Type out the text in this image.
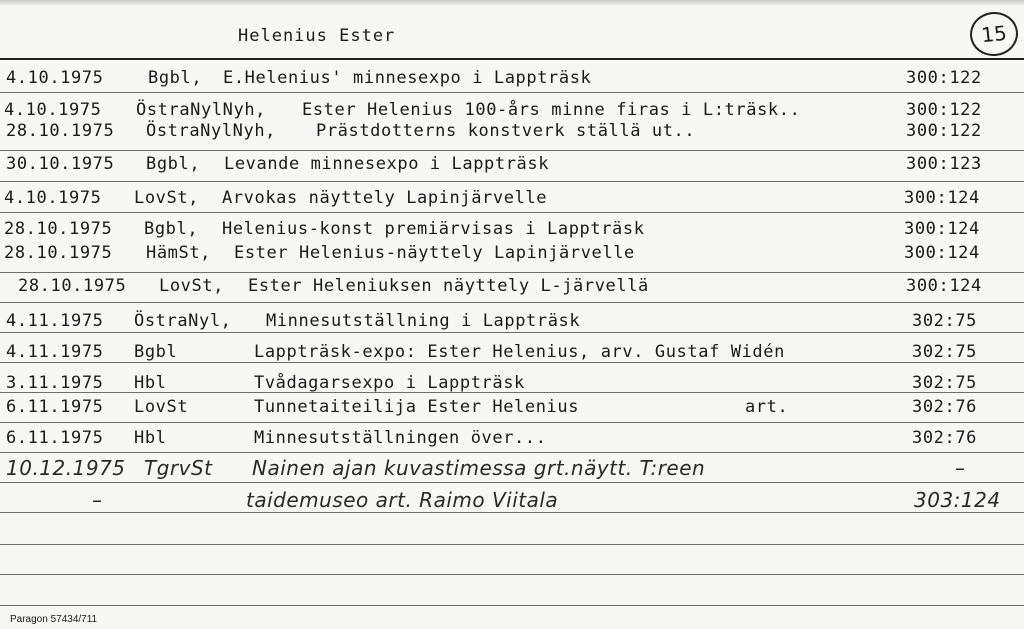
Helenius Ester	15
4.10.1975	Bgbl, E.Helenius' minnesexpo i Lappträsk	300:122
4.10.1975 ÖstraNylNyh, Ester Helenius 100-års minne firas i L:träsk..	300:122
28.10.1975 ÖstraNylNyh, Prästdotterns konstverk ställä ut..	300:122
30.10.1975 Bgbl, Levande minnesexpo i Lappträsk	300:123
4.10.1975 LovSt, Arvokas näyttely Lapinjärvelle	300:124
28.10.1975 Bgbl, Helenius-konst premiärvisas i Lappträsk	300:124
28.10.1975 HämSt, Ester Helenius-näyttely Lapinjärvelle	300:124
28.10.1975 LovSt, Ester Heleniuksen näyttely L-järvellä	300:124
4.11.1975 ÖstraNyl, Minnesutställning i Lappträsk	302:75
4.11.1975 Bgbl	Lappträsk-expo: Ester Helenius, arv. Gustaf Widén	302:75
3.11.1975 Hbl	Tvådagarsexpo i Lappträsk	302:75
6.11.1975 LovSt	Tunnetaiteilija Ester Helenius	art.	302:76
6.11.1975 Hbl	Minnesutställningen över...	302:76
10.12.1975 TgrvSt Nainen ajan kuvastimessa grt.näytt. T:reen	–
–	taidemuseo art. Raimo Viitala	303:124
Paragon 57434/711
